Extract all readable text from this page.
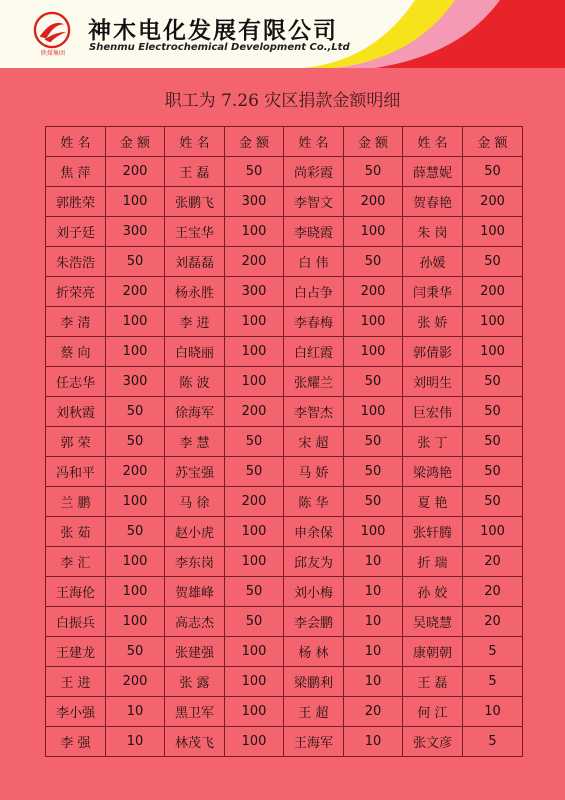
陕煤集团
神木电化发展有限公司
Shenmu Electrochemical Development Co.,Ltd
职工为 7.26 灾区捐款金额明细
姓 名	金 额	姓 名	金 额	姓 名	金 额	姓 名	金 额
焦 萍	200	王 磊	50	尚彩霞	50	薛慧妮	50
郭胜荣	100	张鹏飞	300	李智文	200	贺春艳	200
刘子廷	300	王宝华	100	李晓霞	100	朱 岗	100
朱浩浩	50	刘磊磊	200	白 伟	50	孙媛	50
折荣亮	200	杨永胜	300	白占争	200	闫秉华	200
李 清	100	李 进	100	李春梅	100	张 娇	100
蔡 向	100	白晓丽	100	白红霞	100	郭倩影	100
任志华	300	陈 波	100	张耀兰	50	刘明生	50
刘秋霞	50	徐海军	200	李智杰	100	巨宏伟	50
郭 荣	50	李 慧	50	宋 超	50	张 丁	50
冯和平	200	苏宝强	50	马 娇	50	梁鸿艳	50
兰 鹏	100	马 徐	200	陈 华	50	夏 艳	50
张 茹	50	赵小虎	100	申余保	100	张轩腾	100
李 汇	100	李东岗	100	邱友为	10	折 瑞	20
王海伦	100	贺雄峰	50	刘小梅	10	孙 姣	20
白振兵	100	高志杰	50	李会鹏	10	吴晓慧	20
王建龙	50	张建强	100	杨 林	10	康朝朝	5
王 进	200	张 露	100	梁鹏利	10	王 磊	5
李小强	10	黑卫军	100	王 超	20	何 江	10
李 强	10	林茂飞	100	王海军	10	张文彦	5
